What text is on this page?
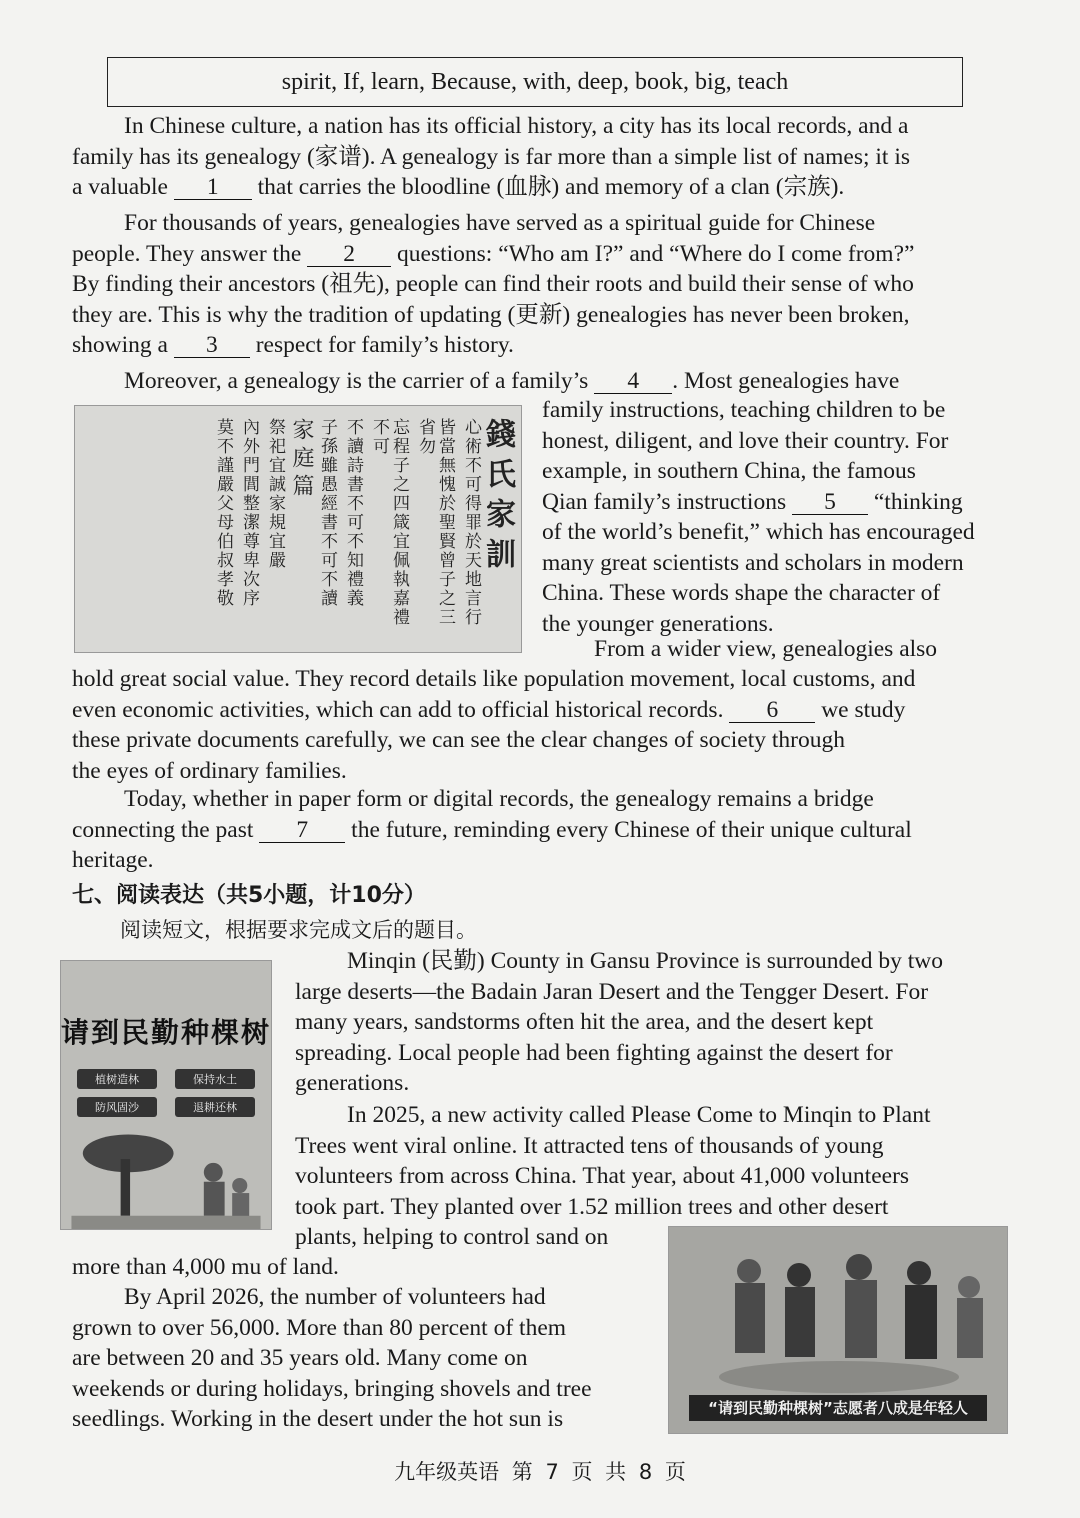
spirit, If, learn, Because, with, deep, book, big, teach
In Chinese culture, a nation has its official history, a city has its local records, and a
family has its genealogy (家谱). A genealogy is far more than a simple list of names; it is
a valuable 1 that carries the bloodline (血脉) and memory of a clan (宗族).
For thousands of years, genealogies have served as a spiritual guide for Chinese
people. They answer the 2 questions: “Who am I?” and “Where do I come from?”
By finding their ancestors (祖先), people can find their roots and build their sense of who
they are. This is why the tradition of updating (更新) genealogies has never been broken,
showing a 3 respect for family’s history.
Moreover, a genealogy is the carrier of a family’s 4 . Most genealogies have
錢氏家訓
心術不可得罪於天地言行
皆當無愧於聖賢曾子之三省勿
忘程子之四箴宜佩執嘉禮不可
不讀詩書不可不知禮義
子孫雖愚經書不可不讀
家庭篇
祭祀宜誠家規宜嚴
內外門閭整潔尊卑次序
莫不謹嚴父母伯叔孝敬
family instructions, teaching children to be
honest, diligent, and love their country. For
example, in southern China, the famous
Qian family’s instructions 5 “thinking
of the world’s benefit,” which has encouraged
many great scientists and scholars in modern
China. These words shape the character of
the younger generations.
From a wider view, genealogies also
hold great social value. They record details like population movement, local customs, and
even economic activities, which can add to official historical records. 6 we study
these private documents carefully, we can see the clear changes of society through
the eyes of ordinary families.
Today, whether in paper form or digital records, the genealogy remains a bridge
connecting the past 7 the future, reminding every Chinese of their unique cultural
heritage.
七、阅读表达（共5小题，计10分）
阅读短文，根据要求完成文后的题目。
请到民勤种棵树
植树造林	保持水土
防风固沙	退耕还林
Minqin (民勤) County in Gansu Province is surrounded by two
large deserts—the Badain Jaran Desert and the Tengger Desert. For
many years, sandstorms often hit the area, and the desert kept
spreading. Local people had been fighting against the desert for
generations.
In 2025, a new activity called Please Come to Minqin to Plant
Trees went viral online. It attracted tens of thousands of young
volunteers from across China. That year, about 41,000 volunteers
took part. They planted over 1.52 million trees and other desert
plants, helping to control sand on
more than 4,000 mu of land.
“请到民勤种棵树”志愿者八成是年轻人
By April 2026, the number of volunteers had
grown to over 56,000. More than 80 percent of them
are between 20 and 35 years old. Many come on
weekends or during holidays, bringing shovels and tree
seedlings. Working in the desert under the hot sun is
九年级英语 第 7 页 共 8 页
